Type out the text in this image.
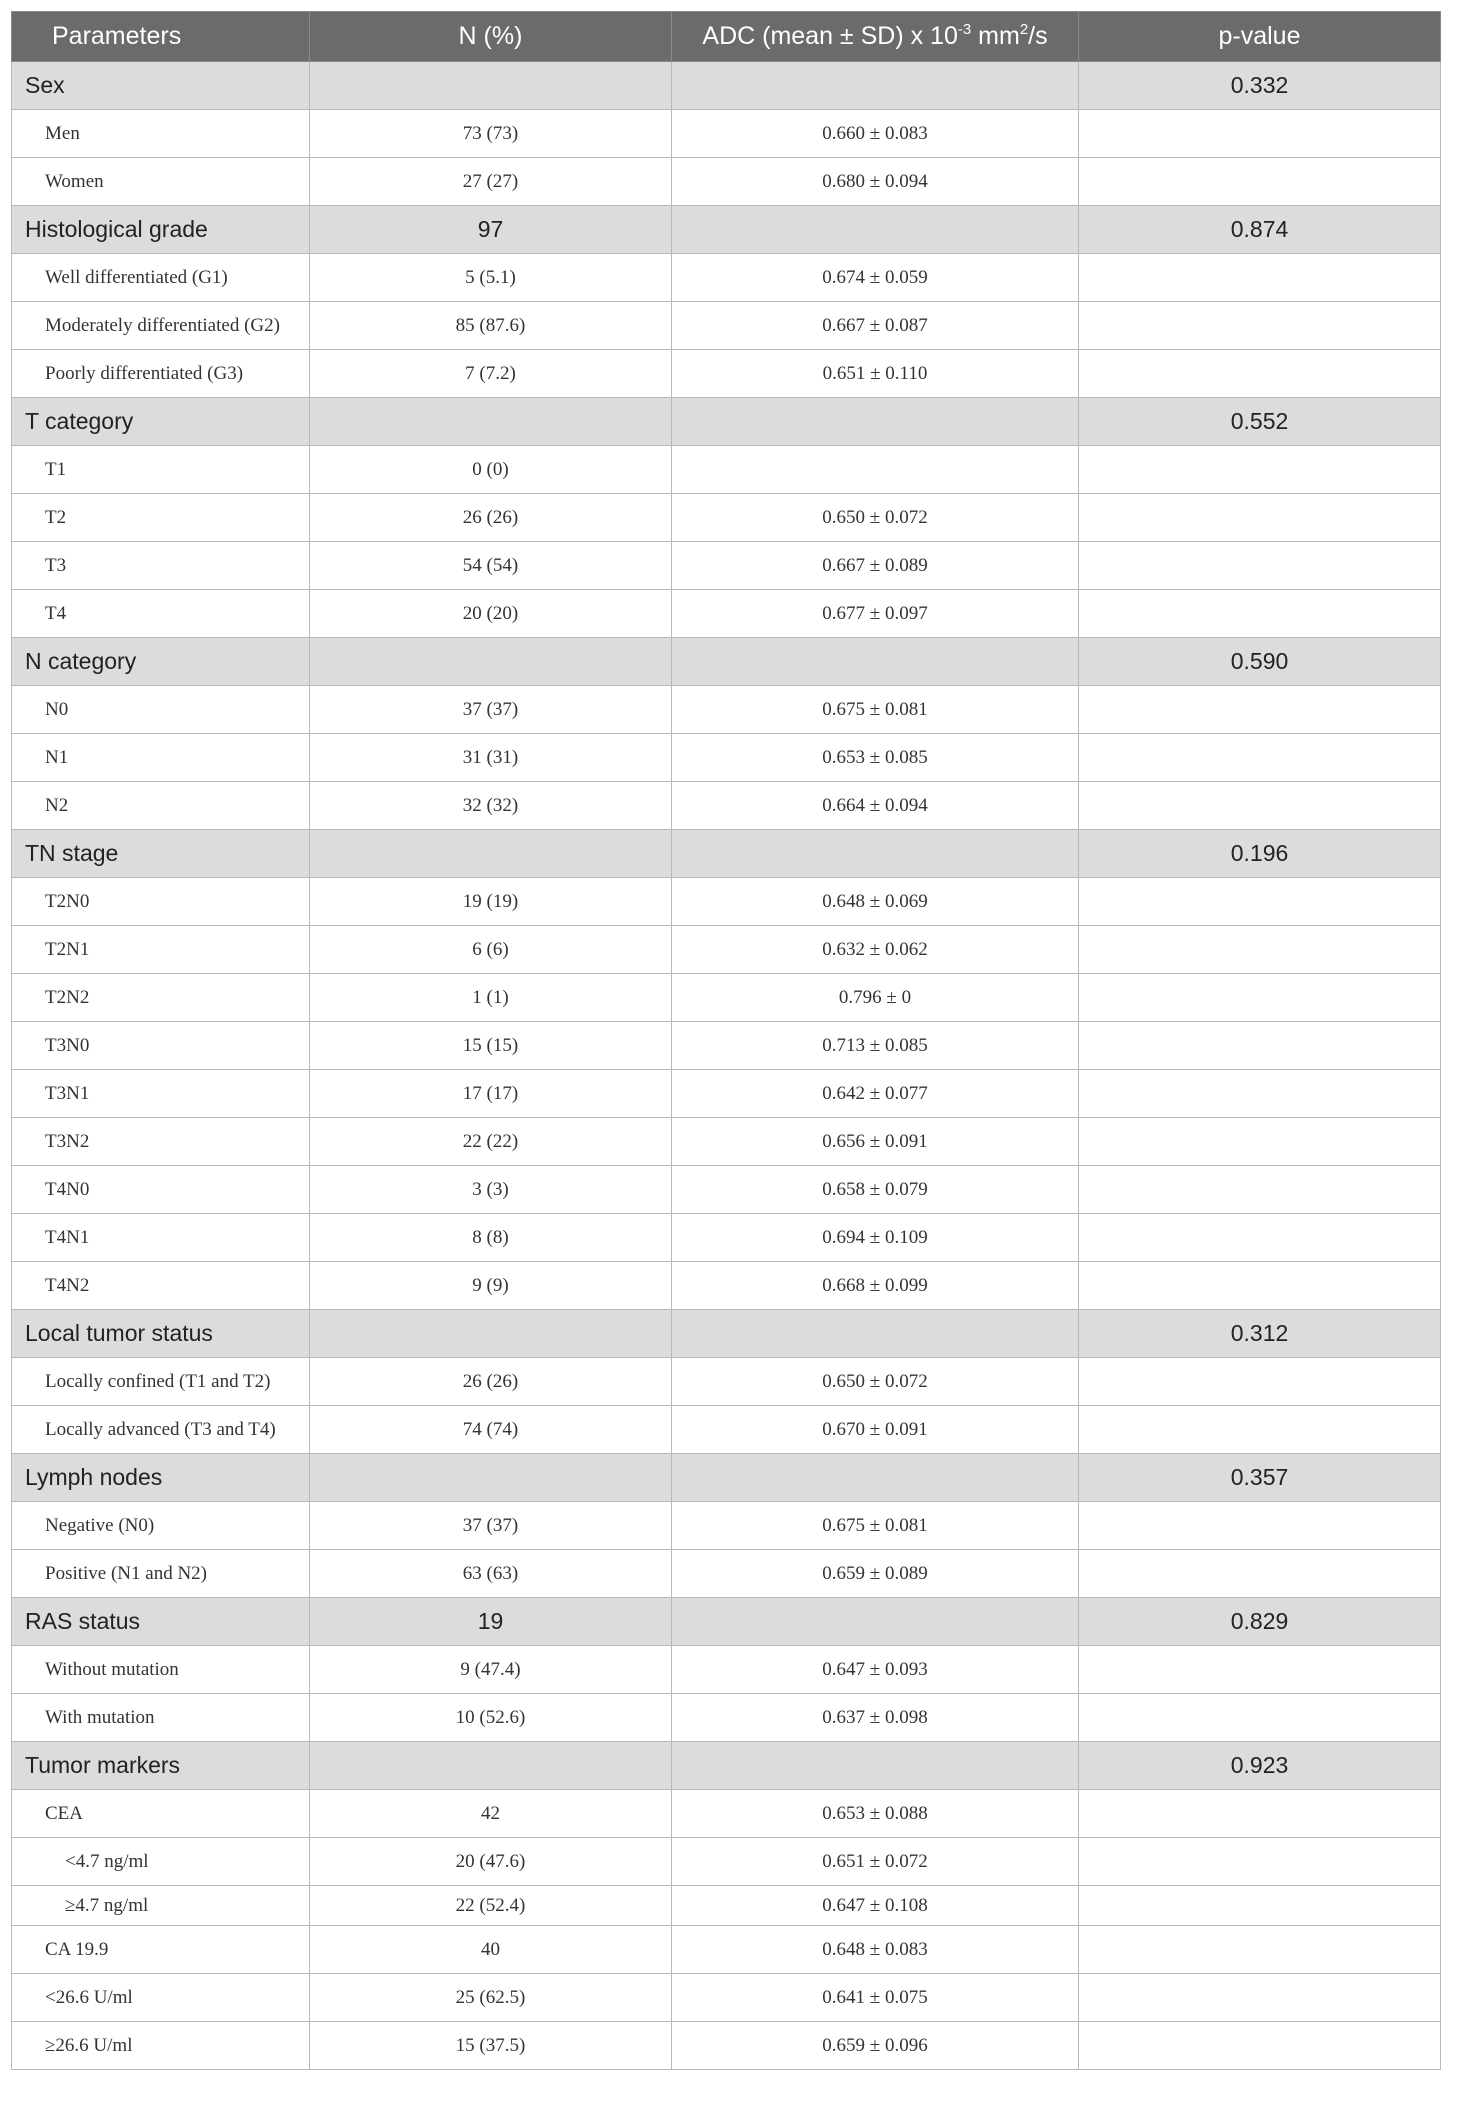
Parameters	N (%)	ADC (mean ± SD) x $10^{-3}$ $mm^2/s$	p-value
Sex			0.332
Men	73 (73)	0.660 ± 0.083	
Women	27 (27)	0.680 ± 0.094	
Histological grade	97		0.874
Well differentiated (G1)	5 (5.1)	0.674 ± 0.059	
Moderately differentiated (G2)	85 (87.6)	0.667 ± 0.087	
Poorly differentiated (G3)	7 (7.2)	0.651 ± 0.110	
T category			0.552
T1	0 (0)		
T2	26 (26)	0.650 ± 0.072	
T3	54 (54)	0.667 ± 0.089	
T4	20 (20)	0.677 ± 0.097	
N category			0.590
N0	37 (37)	0.675 ± 0.081	
N1	31 (31)	0.653 ± 0.085	
N2	32 (32)	0.664 ± 0.094	
TN stage			0.196
T2N0	19 (19)	0.648 ± 0.069	
T2N1	6 (6)	0.632 ± 0.062	
T2N2	1 (1)	0.796 ± 0	
T3N0	15 (15)	0.713 ± 0.085	
T3N1	17 (17)	0.642 ± 0.077	
T3N2	22 (22)	0.656 ± 0.091	
T4N0	3 (3)	0.658 ± 0.079	
T4N1	8 (8)	0.694 ± 0.109	
T4N2	9 (9)	0.668 ± 0.099	
Local tumor status			0.312
Locally confined (T1 and T2)	26 (26)	0.650 ± 0.072	
Locally advanced (T3 and T4)	74 (74)	0.670 ± 0.091	
Lymph nodes			0.357
Negative (N0)	37 (37)	0.675 ± 0.081	
Positive (N1 and N2)	63 (63)	0.659 ± 0.089	
RAS status	19		0.829
Without mutation	9 (47.4)	0.647 ± 0.093	
With mutation	10 (52.6)	0.637 ± 0.098	
Tumor markers			0.923
CEA	42	0.653 ± 0.088	
<4.7 ng/ml	20 (47.6)	0.651 ± 0.072	
≥4.7 ng/ml	22 (52.4)	0.647 ± 0.108	
CA 19.9	40	0.648 ± 0.083	
<26.6 U/ml	25 (62.5)	0.641 ± 0.075	
≥26.6 U/ml	15 (37.5)	0.659 ± 0.096	
